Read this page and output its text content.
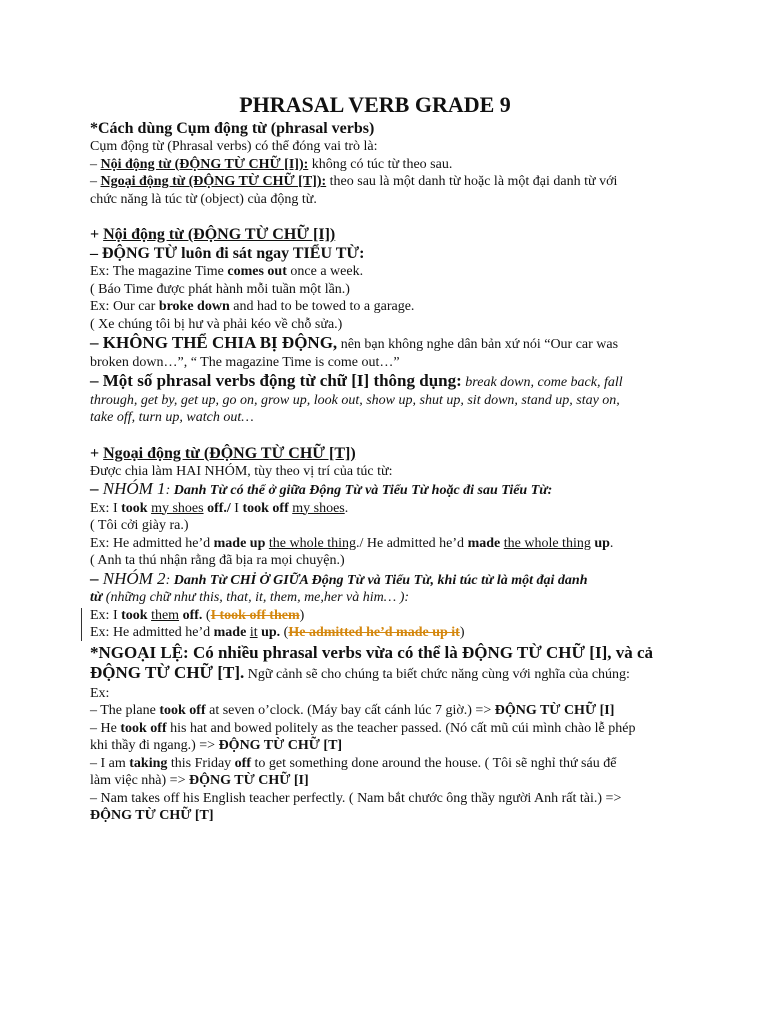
PHRASAL VERB GRADE 9
*Cách dùng Cụm động từ (phrasal verbs)
Cụm động từ (Phrasal verbs) có thể đóng vai trò là:
– Nội động từ (ĐỘNG TỪ CHỮ [I]): không có túc từ theo sau.
– Ngoại động từ (ĐỘNG TỪ CHỮ [T]): theo sau là một danh từ hoặc là một đại danh từ với
chức năng là túc từ (object) của động từ.
+ Nội động từ (ĐỘNG TỪ CHỮ [I])
– ĐỘNG TỪ luôn đi sát ngay TIỂU TỪ:
Ex: The magazine Time comes out once a week.
( Báo Time được phát hành mỗi tuần một lần.)
Ex: Our car broke down and had to be towed to a garage.
( Xe chúng tôi bị hư và phải kéo về chỗ sửa.)
– KHÔNG THỂ CHIA BỊ ĐỘNG, nên bạn không nghe dân bản xứ nói “Our car was
broken down…”, “ The magazine Time is come out…”
– Một số phrasal verbs động từ chữ [I] thông dụng: break down, come back, fall
through, get by, get up, go on, grow up, look out, show up, shut up, sit down, stand up, stay on,
take off, turn up, watch out…
+ Ngoại động từ (ĐỘNG TỪ CHỮ [T])
Được chia làm HAI NHÓM, tùy theo vị trí của túc từ:
– NHÓM 1: Danh Từ có thể ở giữa Động Từ và Tiểu Từ hoặc đi sau Tiểu Từ:
Ex: I took my shoes off./ I took off my shoes.
( Tôi cởi giày ra.)
Ex: He admitted he’d made up the whole thing./ He admitted he’d made the whole thing up.
( Anh ta thú nhận rằng đã bịa ra mọi chuyện.)
– NHÓM 2: Danh Từ CHỈ Ở GIỮA Động Từ và Tiểu Từ, khi túc từ là một đại danh
từ (những chữ như this, that, it, them, me,her và him… ):
Ex: I took them off. (I took off them)
Ex: He admitted he’d made it up. (He admitted he’d made up it)
*NGOẠI LỆ: Có nhiều phrasal verbs vừa có thể là ĐỘNG TỪ CHỮ [I], và cả
ĐỘNG TỪ CHỮ [T]. Ngữ cảnh sẽ cho chúng ta biết chức năng cùng với nghĩa của chúng:
Ex:
– The plane took off at seven o’clock. (Máy bay cất cánh lúc 7 giờ.) => ĐỘNG TỪ CHỮ [I]
– He took off his hat and bowed politely as the teacher passed. (Nó cất mũ cúi mình chào lễ phép
khi thầy đi ngang.) => ĐỘNG TỪ CHỮ [T]
– I am taking this Friday off to get something done around the house. ( Tôi sẽ nghỉ thứ sáu để
làm việc nhà) => ĐỘNG TỪ CHỮ [I]
– Nam takes off his English teacher perfectly. ( Nam bắt chước ông thầy người Anh rất tài.) =>
ĐỘNG TỪ CHỮ [T]
